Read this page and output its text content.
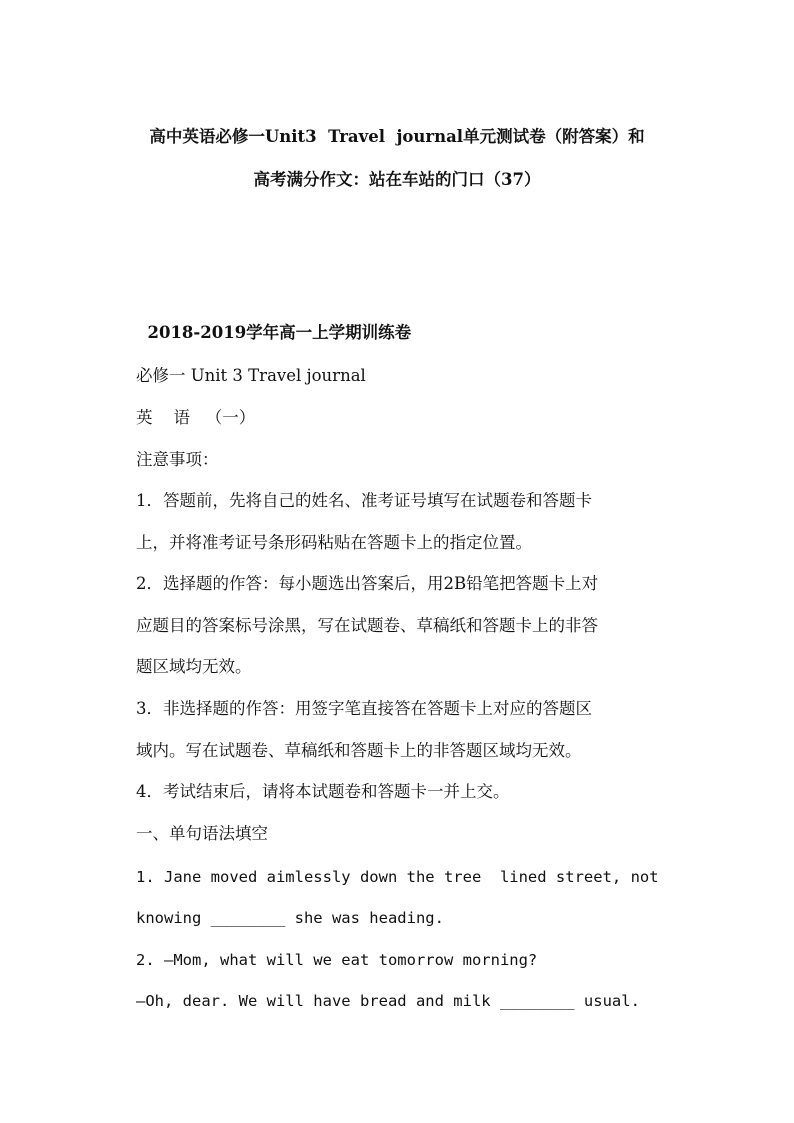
高中英语必修一Unit3  Travel  journal单元测试卷（附答案）和
高考满分作文：站在车站的门口（37）
2018-2019学年高一上学期训练卷
必修一 Unit 3 Travel journal
英    语   （一）
注意事项：
1．答题前，先将自己的姓名、准考证号填写在试题卷和答题卡
上，并将准考证号条形码粘贴在答题卡上的指定位置。
2．选择题的作答：每小题选出答案后，用2B铅笔把答题卡上对
应题目的答案标号涂黑，写在试题卷、草稿纸和答题卡上的非答
题区域均无效。
3．非选择题的作答：用签字笔直接答在答题卡上对应的答题区
域内。写在试题卷、草稿纸和答题卡上的非答题区域均无效。
4．考试结束后，请将本试题卷和答题卡一并上交。
一、单句语法填空
1. Jane moved aimlessly down the tree  lined street, not
knowing ________ she was heading.
2. —Mom, what will we eat tomorrow morning?
—Oh, dear. We will have bread and milk ________ usual.
